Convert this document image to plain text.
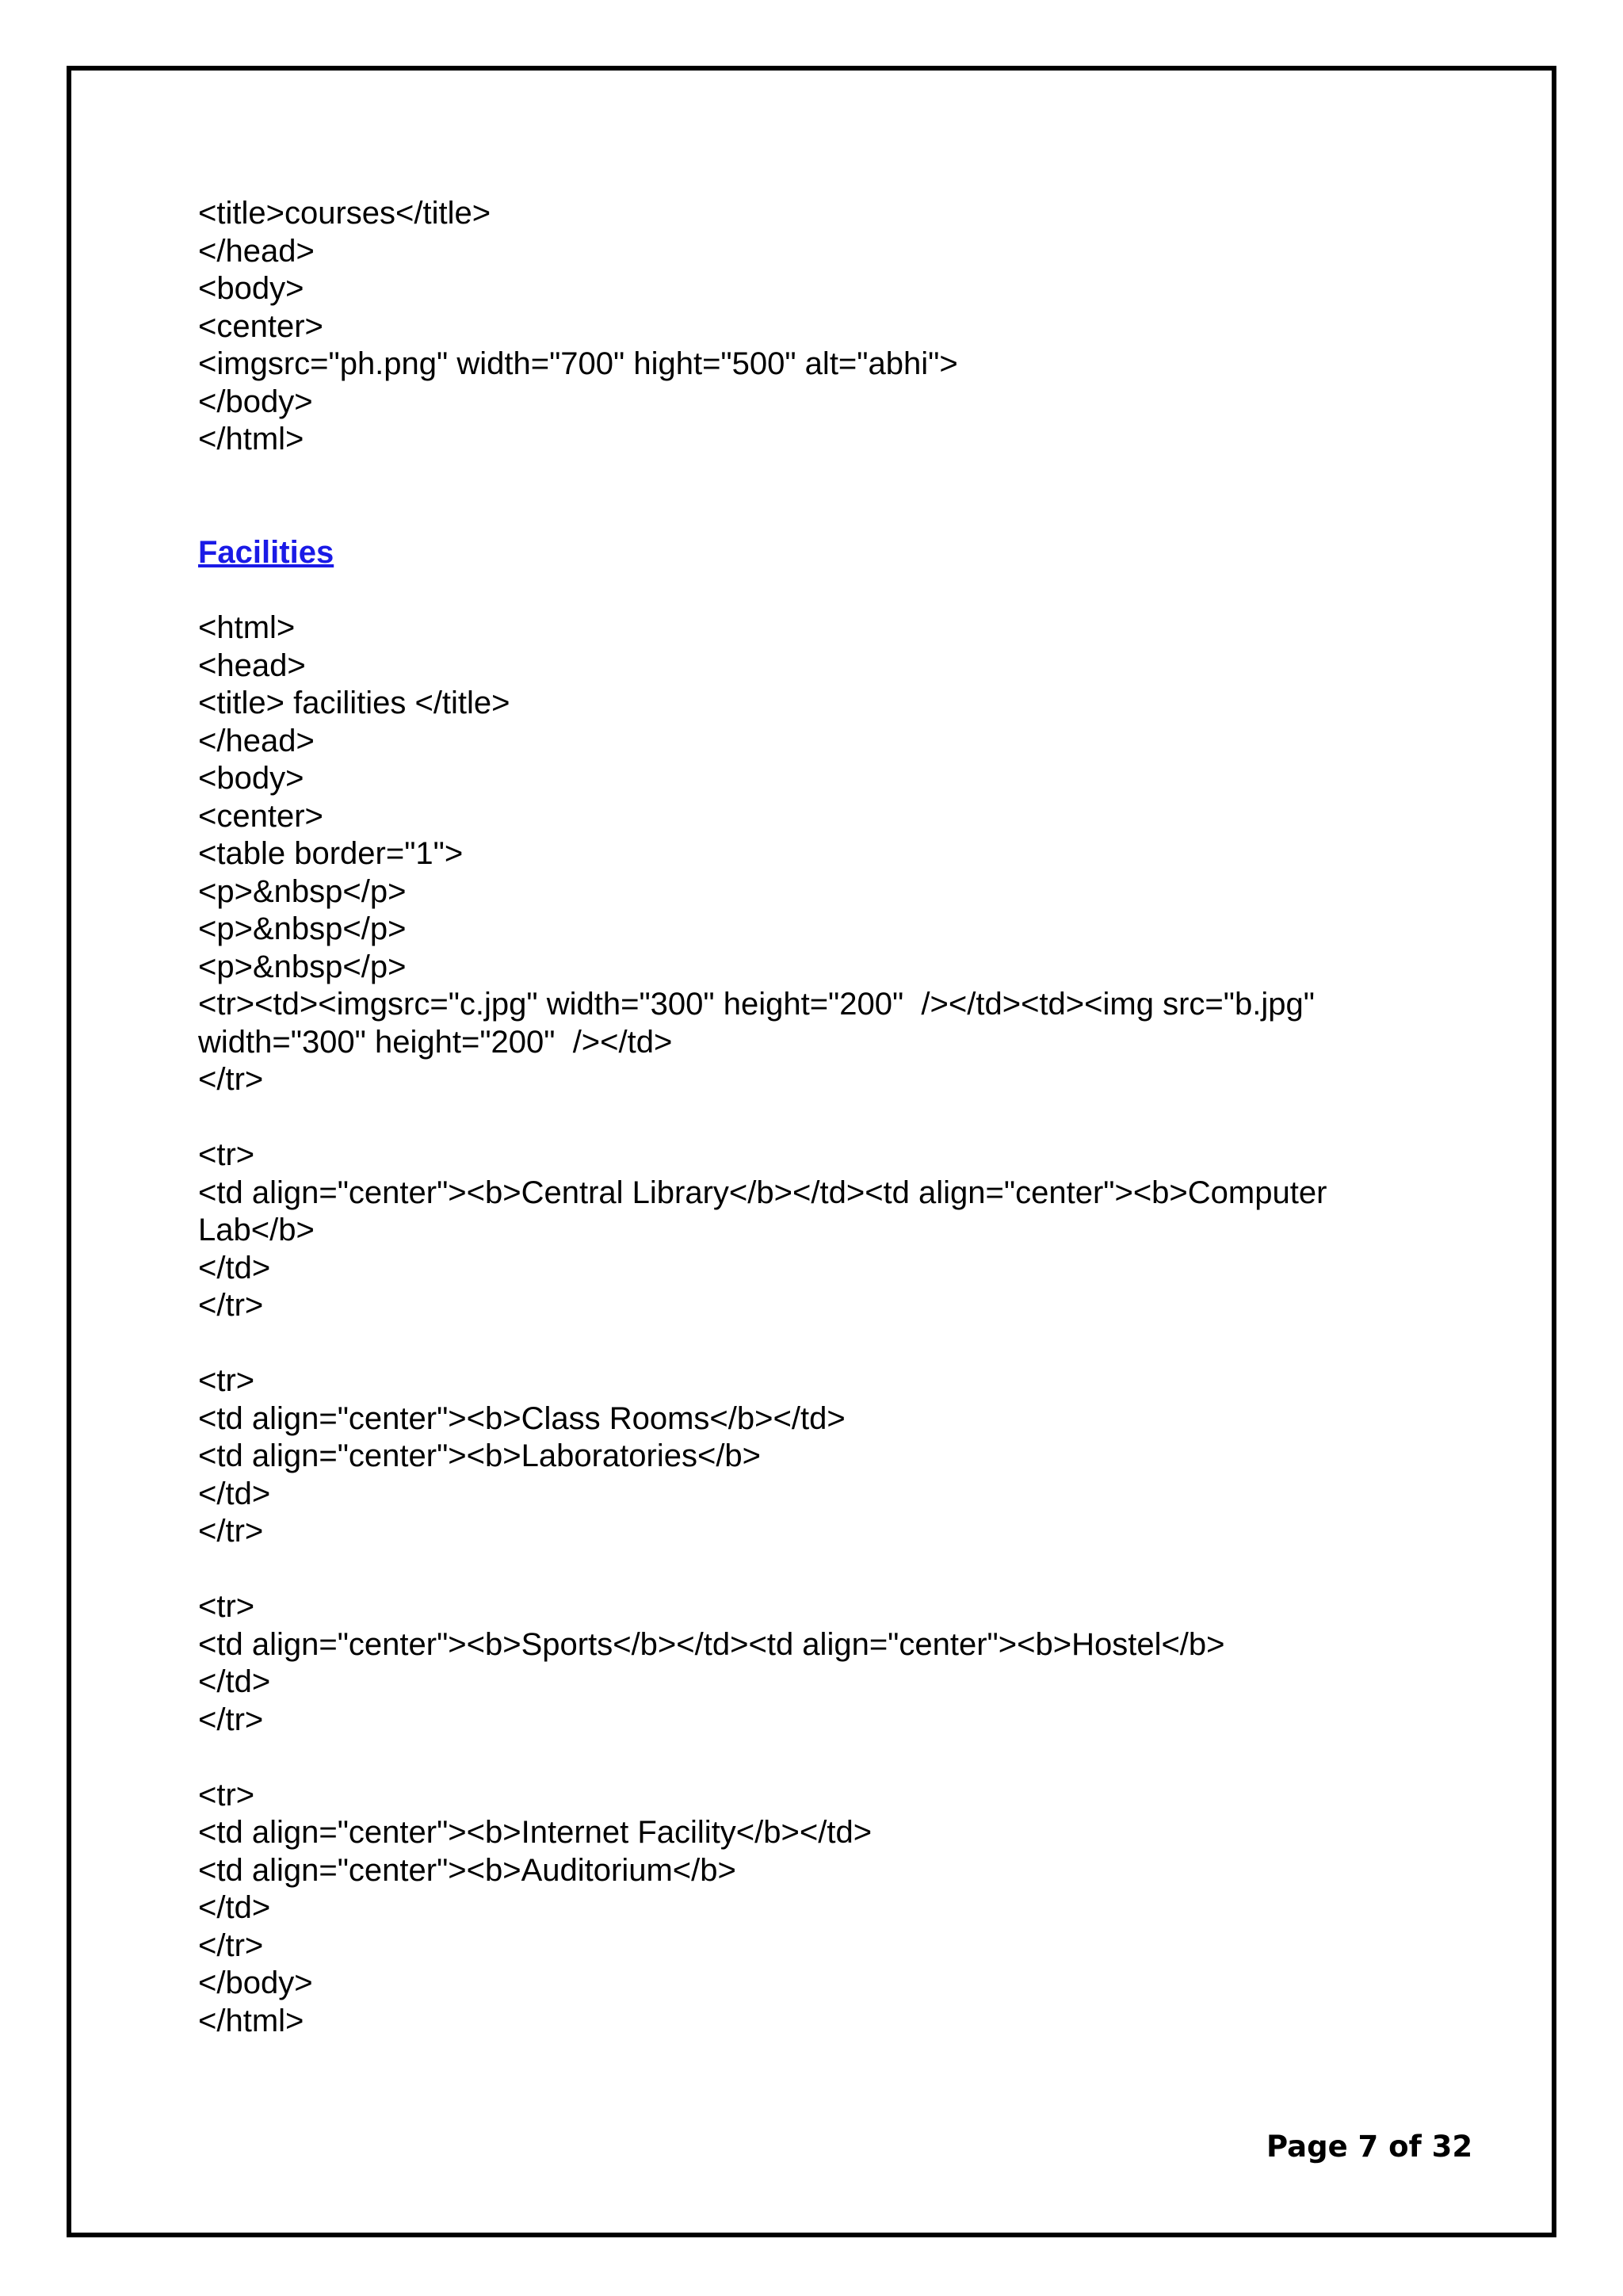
<title>courses</title>
</head>
<body>
<center>
<imgsrc="ph.png" width="700" hight="500" alt="abhi">
</body>
</html>
Facilities
<html>
<head>
<title> facilities </title>
</head>
<body>
<center>
<table border="1">
<p>&nbsp</p>
<p>&nbsp</p>
<p>&nbsp</p>
<tr><td><imgsrc="c.jpg" width="300" height="200"  /></td><td><img src="b.jpg"
width="300" height="200"  /></td>
</tr>
<tr>
<td align="center"><b>Central Library</b></td><td align="center"><b>Computer
Lab</b>
</td>
</tr>
<tr>
<td align="center"><b>Class Rooms</b></td>
<td align="center"><b>Laboratories</b>
</td>
</tr>
<tr>
<td align="center"><b>Sports</b></td><td align="center"><b>Hostel</b>
</td>
</tr>
<tr>
<td align="center"><b>Internet Facility</b></td>
<td align="center"><b>Auditorium</b>
</td>
</tr>
</body>
</html>
Page 7 of 32
